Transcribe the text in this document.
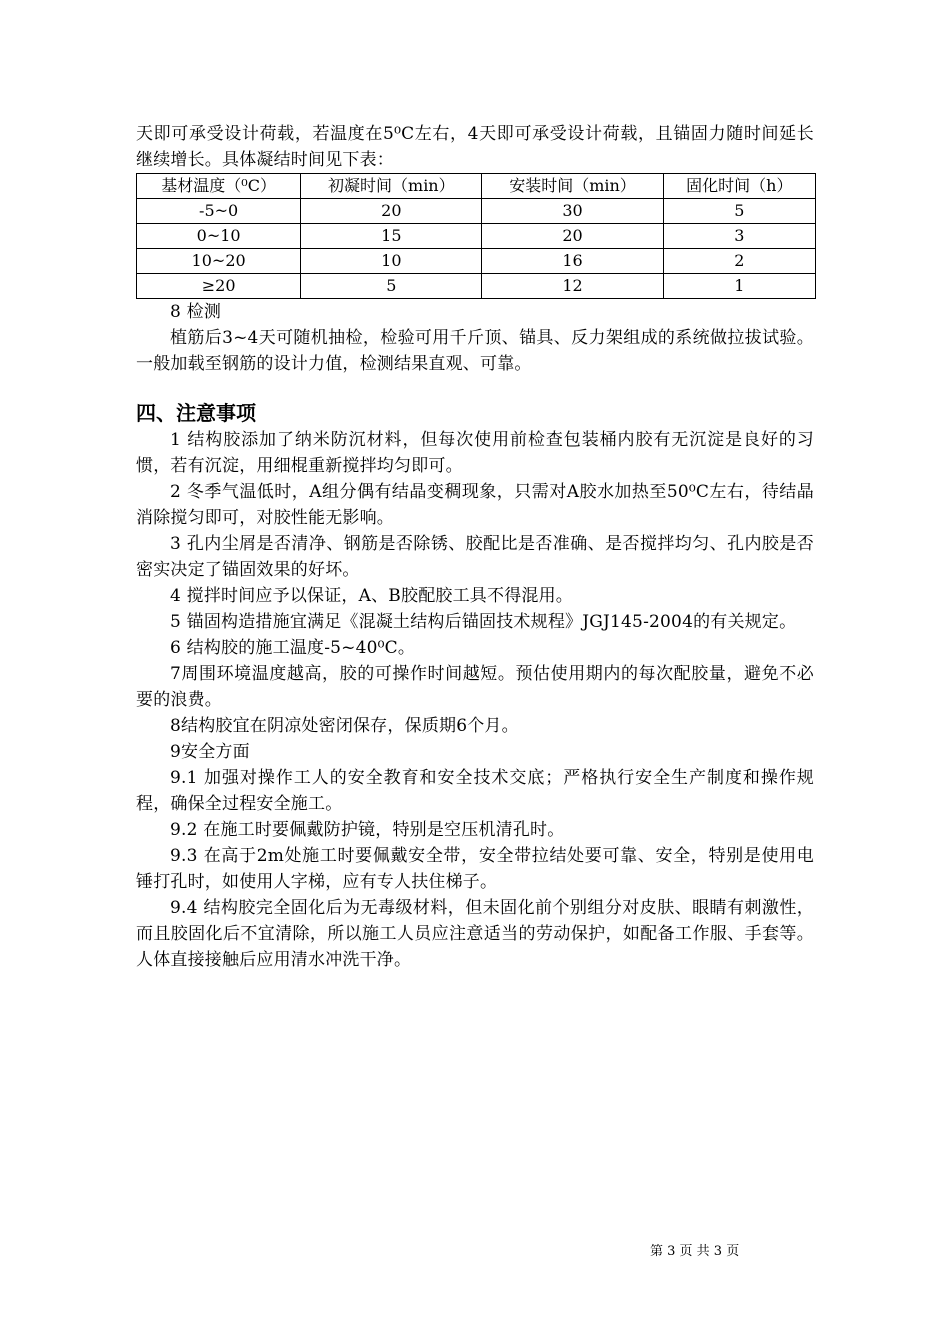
天即可承受设计荷载，若温度在5⁰C左右，4天即可承受设计荷载，且锚固力随时间延长继续增长。具体凝结时间见下表：

基材温度（⁰C）	初凝时间（min）	安装时间（min）	固化时间（h）
-5~0	20	30	5
0~10	15	20	3
10~20	10	16	2
≥20	5	12	1

8 检测

植筋后3~4天可随机抽检，检验可用千斤顶、锚具、反力架组成的系统做拉拔试验。一般加载至钢筋的设计力值，检测结果直观、可靠。

四、注意事项

1 结构胶添加了纳米防沉材料，但每次使用前检查包装桶内胶有无沉淀是良好的习惯，若有沉淀，用细棍重新搅拌均匀即可。

2 冬季气温低时，A组分偶有结晶变稠现象，只需对A胶水加热至50⁰C左右，待结晶消除搅匀即可，对胶性能无影响。

3 孔内尘屑是否清净、钢筋是否除锈、胶配比是否准确、是否搅拌均匀、孔内胶是否密实决定了锚固效果的好坏。

4 搅拌时间应予以保证，A、B胶配胶工具不得混用。

5 锚固构造措施宜满足《混凝土结构后锚固技术规程》JGJ145-2004的有关规定。

6 结构胶的施工温度-5~40⁰C。

7周围环境温度越高，胶的可操作时间越短。预估使用期内的每次配胶量，避免不必要的浪费。

8结构胶宜在阴凉处密闭保存，保质期6个月。

9安全方面

9.1 加强对操作工人的安全教育和安全技术交底；严格执行安全生产制度和操作规程，确保全过程安全施工。

9.2 在施工时要佩戴防护镜，特别是空压机清孔时。

9.3 在高于2m处施工时要佩戴安全带，安全带拉结处要可靠、安全，特别是使用电锤打孔时，如使用人字梯，应有专人扶住梯子。

9.4 结构胶完全固化后为无毒级材料，但未固化前个别组分对皮肤、眼睛有刺激性，而且胶固化后不宜清除，所以施工人员应注意适当的劳动保护，如配备工作服、手套等。人体直接接触后应用清水冲洗干净。

第 3 页 共 3 页
